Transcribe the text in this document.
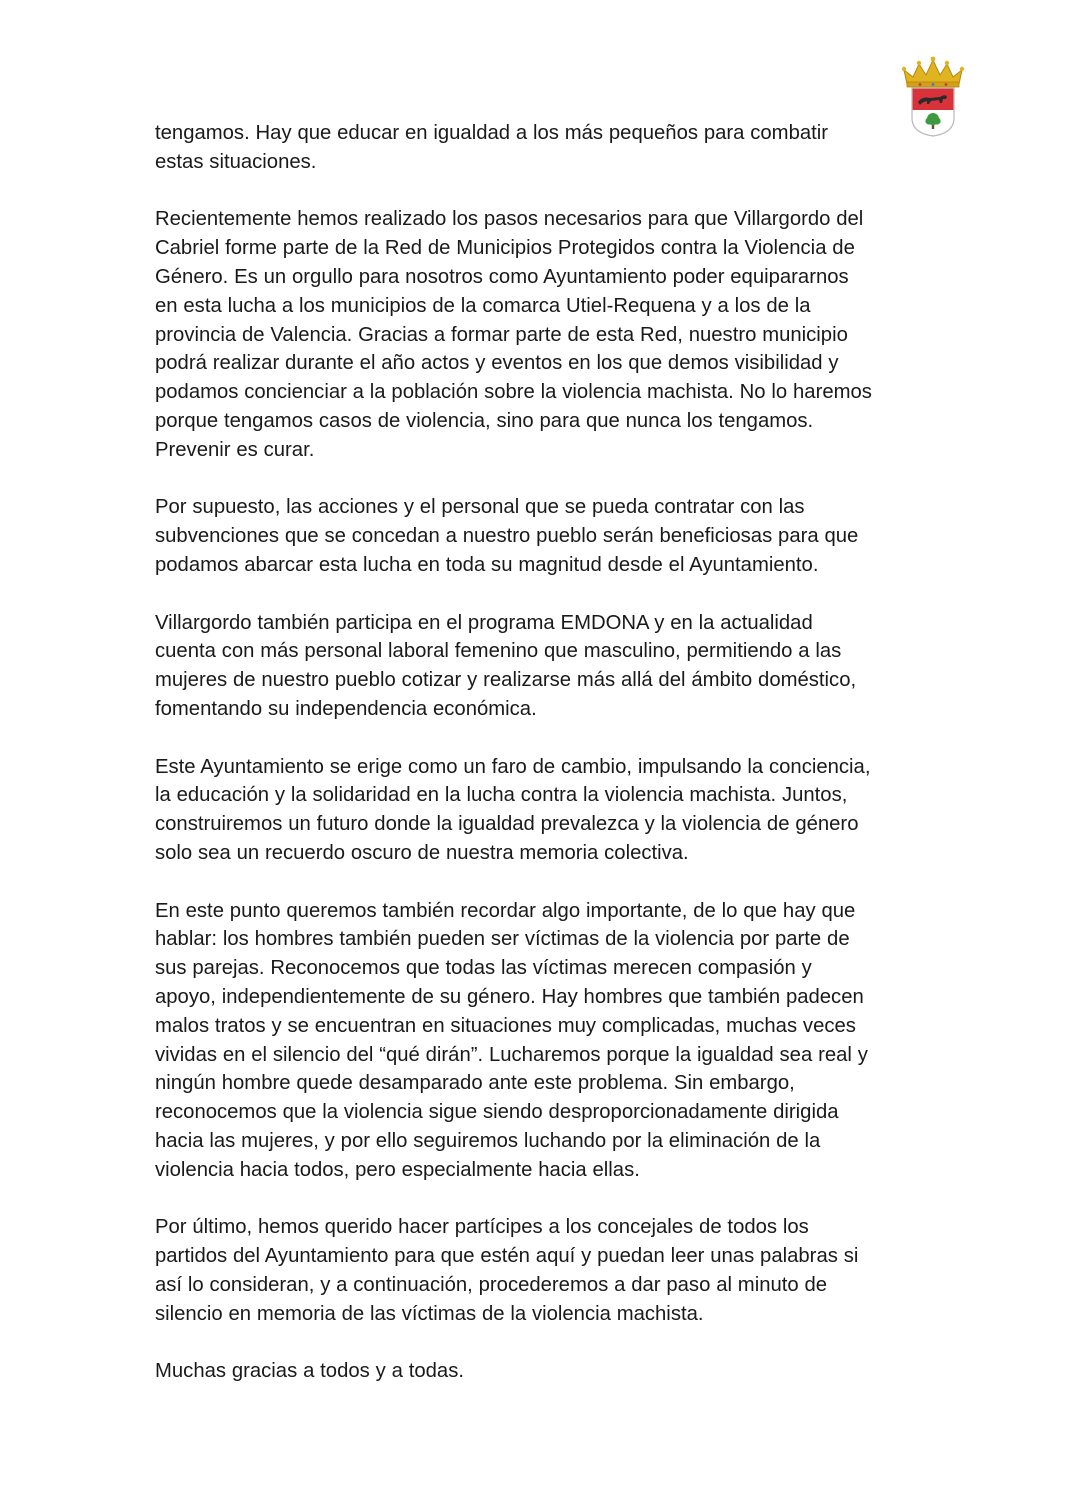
tengamos. Hay que educar en igualdad a los más pequeños para combatir
estas situaciones.

Recientemente hemos realizado los pasos necesarios para que Villargordo del
Cabriel forme parte de la Red de Municipios Protegidos contra la Violencia de
Género. Es un orgullo para nosotros como Ayuntamiento poder equipararnos
en esta lucha a los municipios de la comarca Utiel-Requena y a los de la
provincia de Valencia. Gracias a formar parte de esta Red, nuestro municipio
podrá realizar durante el año actos y eventos en los que demos visibilidad y
podamos concienciar a la población sobre la violencia machista. No lo haremos
porque tengamos casos de violencia, sino para que nunca los tengamos.
Prevenir es curar.

Por supuesto, las acciones y el personal que se pueda contratar con las
subvenciones que se concedan a nuestro pueblo serán beneficiosas para que
podamos abarcar esta lucha en toda su magnitud desde el Ayuntamiento.

Villargordo también participa en el programa EMDONA y en la actualidad
cuenta con más personal laboral femenino que masculino, permitiendo a las
mujeres de nuestro pueblo cotizar y realizarse más allá del ámbito doméstico,
fomentando su independencia económica.

Este Ayuntamiento se erige como un faro de cambio, impulsando la conciencia,
la educación y la solidaridad en la lucha contra la violencia machista. Juntos,
construiremos un futuro donde la igualdad prevalezca y la violencia de género
solo sea un recuerdo oscuro de nuestra memoria colectiva.

En este punto queremos también recordar algo importante, de lo que hay que
hablar: los hombres también pueden ser víctimas de la violencia por parte de
sus parejas. Reconocemos que todas las víctimas merecen compasión y
apoyo, independientemente de su género. Hay hombres que también padecen
malos tratos y se encuentran en situaciones muy complicadas, muchas veces
vividas en el silencio del “qué dirán”. Lucharemos porque la igualdad sea real y
ningún hombre quede desamparado ante este problema. Sin embargo,
reconocemos que la violencia sigue siendo desproporcionadamente dirigida
hacia las mujeres, y por ello seguiremos luchando por la eliminación de la
violencia hacia todos, pero especialmente hacia ellas.

Por último, hemos querido hacer partícipes a los concejales de todos los
partidos del Ayuntamiento para que estén aquí y puedan leer unas palabras si
así lo consideran, y a continuación, procederemos a dar paso al minuto de
silencio en memoria de las víctimas de la violencia machista.

Muchas gracias a todos y a todas.
